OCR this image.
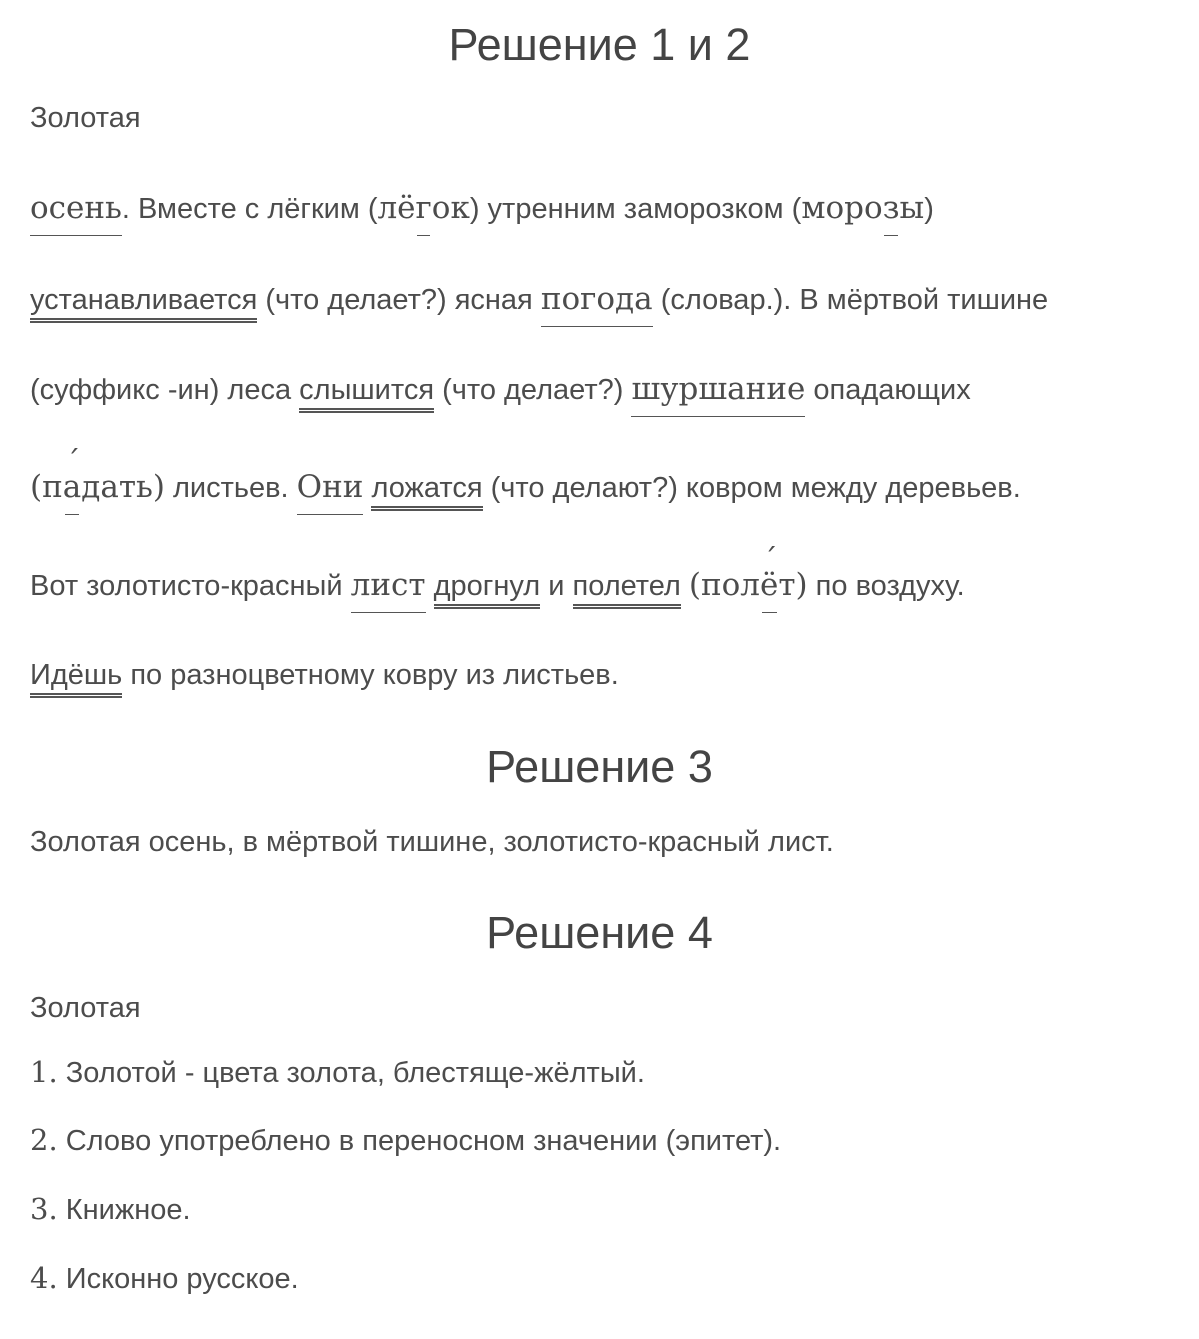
Решение 1 и 2
Золотая
осень. Вместе с лёгким (лёгок) утренним заморозком (морозы)
устанавливается (что делает?) ясная погода (словар.). В мёртвой тишине
(суффикс -ин) леса слышится (что делает?) шуршание опадающих
(п´ адать) листьев. Они ложатся (что делают?) ковром между деревьев.
Вот золотисто-красный лист дрогнул и полетел (пол´ ёт) по воздуху.
Идёшь по разноцветному ковру из листьев.
Решение 3
Золотая осень, в мёртвой тишине, золотисто-красный лист.
Решение 4
Золотая
1. Золотой - цвета золота, блестяще-жёлтый.
2. Слово употреблено в переносном значении (эпитет).
3. Книжное.
4. Исконно русское.
